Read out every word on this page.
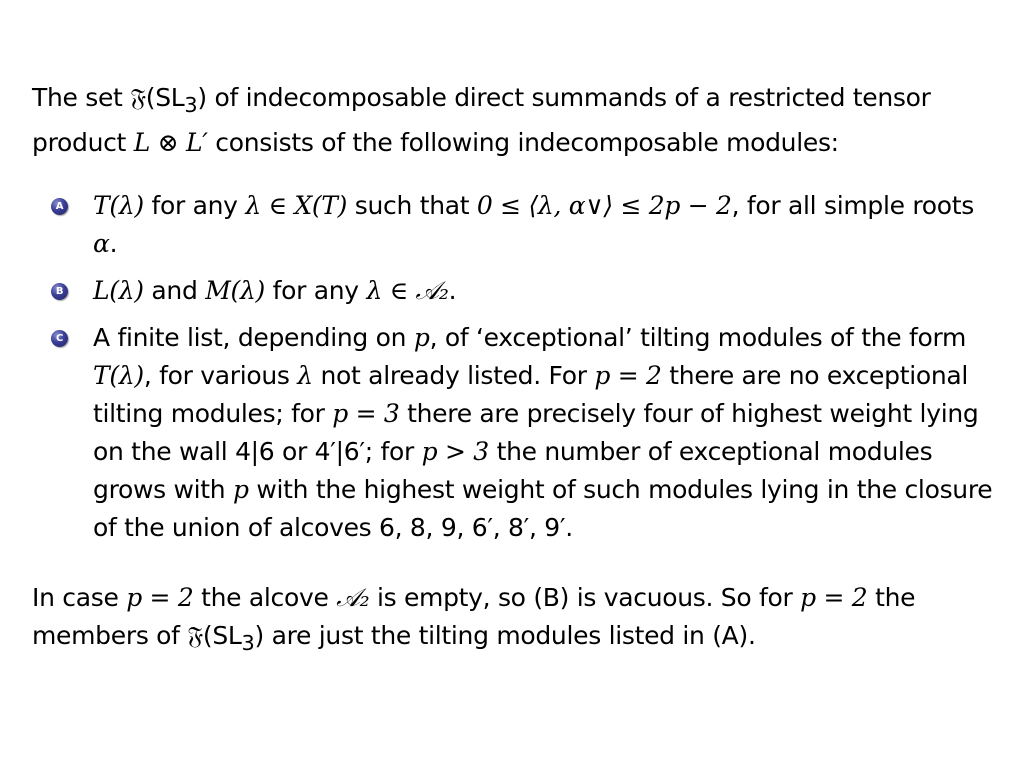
The set $𝔉(SL_3)$ of indecomposable direct summands of a restricted tensor product L ⊗ L′ consists of the following indecomposable modules:

A T(λ) for any λ ∈ X(T) such that 0 ≤ ⟨λ, α∨⟩ ≤ 2p − 2, for all simple roots α.
B L(λ) and M(λ) for any λ ∈ 𝒜₂.
C A finite list, depending on p, of ‘exceptional’ tilting modules of the form T(λ), for various λ not already listed. For p = 2 there are no exceptional tilting modules; for p = 3 there are precisely four of highest weight lying on the wall 4|6 or 4′|6′; for p > 3 the number of exceptional modules grows with p with the highest weight of such modules lying in the closure of the union of alcoves 6, 8, 9, 6′, 8′, 9′.

In case p = 2 the alcove 𝒜₂ is empty, so (B) is vacuous. So for p = 2 the members of $𝔉(SL_3)$ are just the tilting modules listed in (A).
